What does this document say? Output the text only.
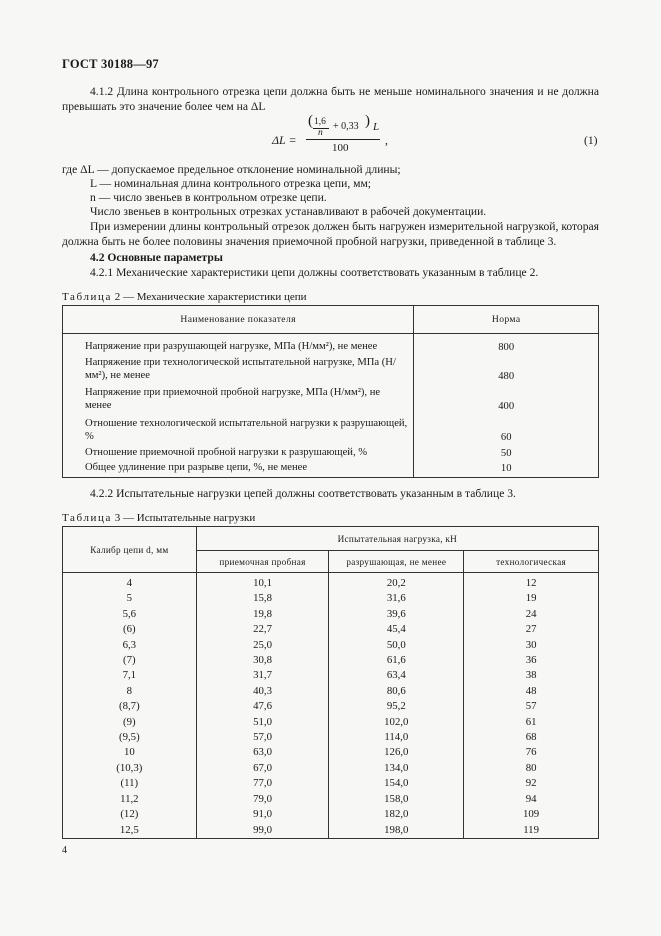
ГОСТ 30188—97
4.1.2 Длина контрольного отрезка цепи должна быть не меньше номинального значения и не должна превышать это значение более чем на ΔL
ΔL =
( 1,6
n
+ 0,33 ) L
100
,	(1)
где ΔL — допускаемое предельное отклонение номинальной длины;
L — номинальная длина контрольного отрезка цепи, мм;
n — число звеньев в контрольном отрезке цепи.
Число звеньев в контрольных отрезках устанавливают в рабочей документации.
При измерении длины контрольный отрезок должен быть нагружен измерительной нагрузкой, которая должна быть не более половины значения приемочной пробной нагрузки, приведенной в таблице 3.
4.2 Основные параметры
4.2.1 Механические характеристики цепи должны соответствовать указанным в таблице 2.
Таблица 2 — Механические характеристики цепи
Наименование показателя	Норма
Напряжение при разрушающей нагрузке, МПа (Н/мм²), не менее	800
Напряжение при технологической испытательной нагрузке, МПа (Н/мм²), не менее	480
Напряжение при приемочной пробной нагрузке, МПа (Н/мм²), не менее	400
Отношение технологической испытательной нагрузки к разрушающей, %	60
Отношение приемочной пробной нагрузки к разрушающей, %	50
Общее удлинение при разрыве цепи, %, не менее	10
4.2.2 Испытательные нагрузки цепей должны соответствовать указанным в таблице 3.
Таблица 3 — Испытательные нагрузки
Калибр цепи d, мм	Испытательная нагрузка, кН		
	приемочная пробная	разрушающая, не менее	технологическая
4	10,1	20,2	12
5	15,8	31,6	19
5,6	19,8	39,6	24
(6)	22,7	45,4	27
6,3	25,0	50,0	30
(7)	30,8	61,6	36
7,1	31,7	63,4	38
8	40,3	80,6	48
(8,7)	47,6	95,2	57
(9)	51,0	102,0	61
(9,5)	57,0	114,0	68
10	63,0	126,0	76
(10,3)	67,0	134,0	80
(11)	77,0	154,0	92
11,2	79,0	158,0	94
(12)	91,0	182,0	109
12,5	99,0	198,0	119
4
